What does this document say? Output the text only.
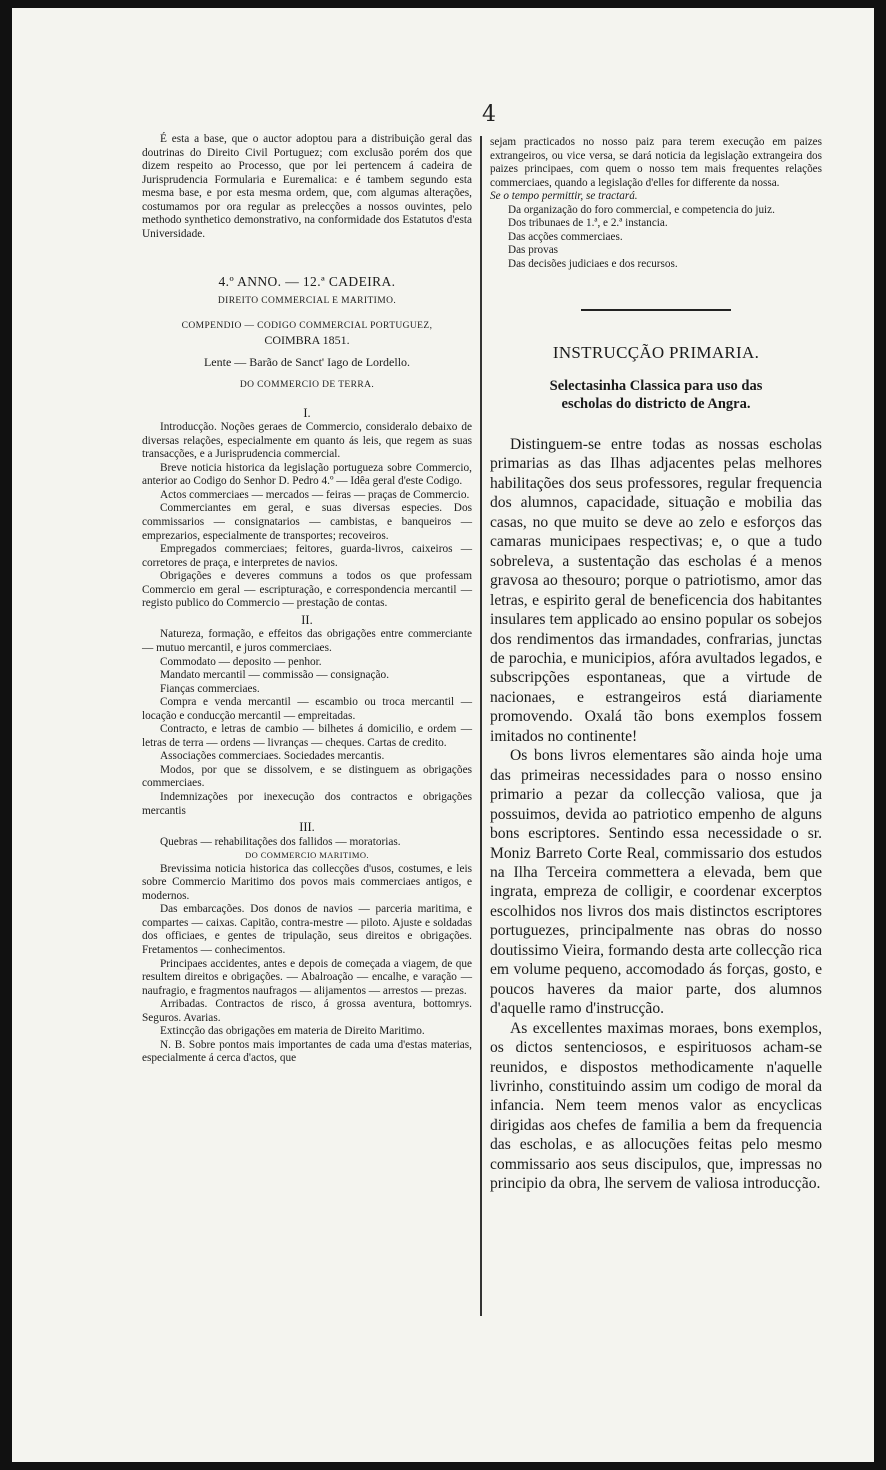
4

É esta a base, que o auctor adoptou para a distribuição geral das doutrinas do Direito Civil Portuguez; com exclusão porém dos que dizem respeito ao Processo, que por lei pertencem á cadeira de Jurisprudencia Formularia e Euremalica: e é tambem segundo esta mesma base, e por esta mesma ordem, que, com algumas alterações, costumamos por ora regular as prelecções a nossos ouvintes, pelo methodo synthetico demonstrativo, na conformidade dos Estatutos d'esta Universidade.

4.º ANNO. — 12.ª CADEIRA.

DIREITO COMMERCIAL E MARITIMO.

COMPENDIO — CODIGO COMMERCIAL PORTUGUEZ,

COIMBRA 1851.

Lente — Barão de Sanct' Iago de Lordello.

DO COMMERCIO DE TERRA.

I.

Introducção. Noções geraes de Commercio, consideralo debaixo de diversas relações, especialmente em quanto ás leis, que regem as suas transacções, e a Jurisprudencia commercial.

Breve noticia historica da legislação portugueza sobre Commercio, anterior ao Codigo do Senhor D. Pedro 4.º — Idêa geral d'este Codigo.

Actos commerciaes — mercados — feiras — praças de Commercio.

Commerciantes em geral, e suas diversas especies. Dos commissarios — consignatarios — cambistas, e banqueiros — emprezarios, especialmente de transportes; recoveiros.

Empregados commerciaes; feitores, guarda-livros, caixeiros — corretores de praça, e interpretes de navios.

Obrigações e deveres communs a todos os que professam Commercio em geral — escripturação, e correspondencia mercantil — registo publico do Commercio — prestação de contas.

II.

Natureza, formação, e effeitos das obrigações entre commerciante — mutuo mercantil, e juros commerciaes.

Commodato — deposito — penhor.

Mandato mercantil — commissão — consignação.

Fianças commerciaes.

Compra e venda mercantil — escambio ou troca mercantil — locação e conducção mercantil — empreitadas.

Contracto, e letras de cambio — bilhetes á domicilio, e ordem — letras de terra — ordens — livranças — cheques. Cartas de credito.

Associações commerciaes. Sociedades mercantis.

Modos, por que se dissolvem, e se distinguem as obrigações commerciaes.

Indemnizações por inexecução dos contractos e obrigações mercantis

III.

Quebras — rehabilitações dos fallidos — moratorias.

DO COMMERCIO MARITIMO.

Brevissima noticia historica das collecções d'usos, costumes, e leis sobre Commercio Maritimo dos povos mais commerciaes antigos, e modernos.

Das embarcações. Dos donos de navios — parceria maritima, e compartes — caixas. Capitão, contra-mestre — piloto. Ajuste e soldadas dos officiaes, e gentes de tripulação, seus direitos e obrigações. Fretamentos — conhecimentos.

Principaes accidentes, antes e depois de começada a viagem, de que resultem direitos e obrigações. — Abalroação — encalhe, e varação — naufragio, e fragmentos naufragos — alijamentos — arrestos — prezas.

Arribadas. Contractos de risco, á grossa aventura, bottomrys. Seguros. Avarias.

Extincção das obrigações em materia de Direito Maritimo.

N. B. Sobre pontos mais importantes de cada uma d'estas materias, especialmente á cerca d'actos, que

sejam practicados no nosso paiz para terem execução em paizes extrangeiros, ou vice versa, se dará noticia da legislação extrangeira dos paizes principaes, com quem o nosso tem mais frequentes relações commerciaes, quando a legislação d'elles for differente da nossa.

Se o tempo permittir, se tractará.

Da organização do foro commercial, e competencia do juiz.

Dos tribunaes de 1.ª, e 2.ª instancia.

Das acções commerciaes.

Das provas

Das decisões judiciaes e dos recursos.

INSTRUCÇÃO PRIMARIA.

Selectasinha Classica para uso das

escholas do districto de Angra.

Distinguem-se entre todas as nossas escholas primarias as das Ilhas adjacentes pelas melhores habilitações dos seus professores, regular frequencia dos alumnos, capacidade, situação e mobilia das casas, no que muito se deve ao zelo e esforços das camaras municipaes respectivas; e, o que a tudo sobreleva, a sustentação das escholas é a menos gravosa ao thesouro; porque o patriotismo, amor das letras, e espirito geral de beneficencia dos habitantes insulares tem applicado ao ensino popular os sobejos dos rendimentos das irmandades, confrarias, junctas de parochia, e municipios, afóra avultados legados, e subscripções espontaneas, que a virtude de nacionaes, e estrangeiros está diariamente promovendo. Oxalá tão bons exemplos fossem imitados no continente!

Os bons livros elementares são ainda hoje uma das primeiras necessidades para o nosso ensino primario a pezar da collecção valiosa, que ja possuimos, devida ao patriotico empenho de alguns bons escriptores. Sentindo essa necessidade o sr. Moniz Barreto Corte Real, commissario dos estudos na Ilha Terceira commettera a elevada, bem que ingrata, empreza de colligir, e coordenar excerptos escolhidos nos livros dos mais distinctos escriptores portuguezes, principalmente nas obras do nosso doutissimo Vieira, formando desta arte collecção rica em volume pequeno, accomodado ás forças, gosto, e poucos haveres da maior parte, dos alumnos d'aquelle ramo d'instrucção.

As excellentes maximas moraes, bons exemplos, os dictos sentenciosos, e espirituosos acham-se reunidos, e dispostos methodicamente n'aquelle livrinho, constituindo assim um codigo de moral da infancia. Nem teem menos valor as encyclicas dirigidas aos chefes de familia a bem da frequencia das escholas, e as allocuções feitas pelo mesmo commissario aos seus discipulos, que, impressas no principio da obra, lhe servem de valiosa introducção.
